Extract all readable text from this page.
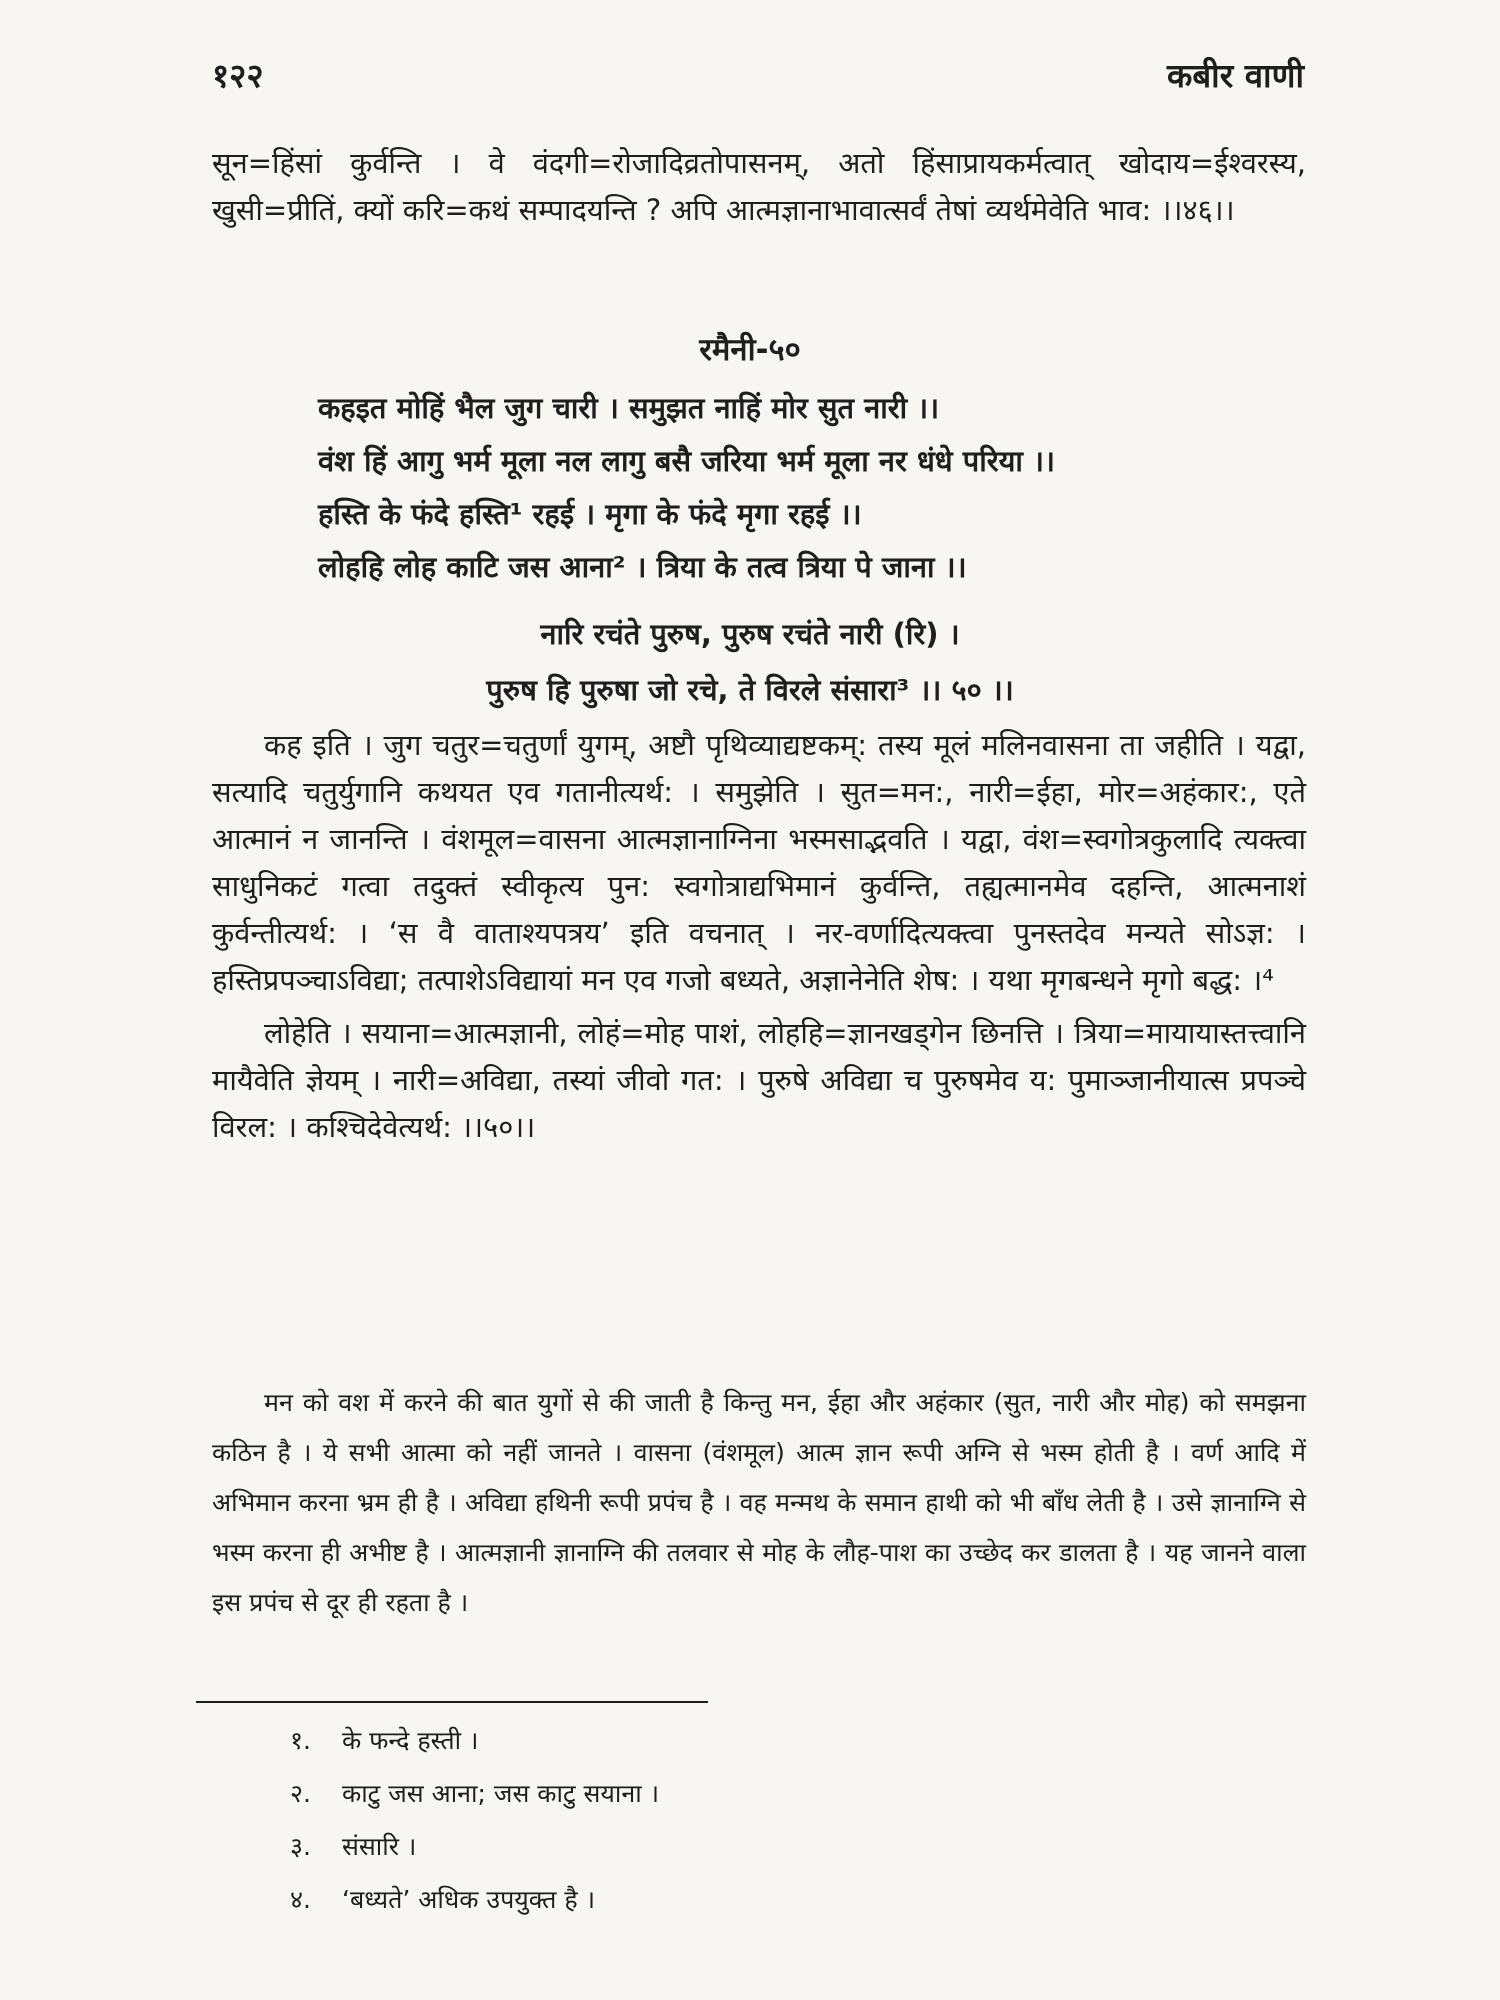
१२२	कबीर वाणी

सून=हिंसां कुर्वन्ति । वे वंदगी=रोजादिव्रतोपासनम्, अतो हिंसाप्रायकर्मत्वात् खोदाय=ईश्वरस्य, खुसी=प्रीतिं, क्यों करि=कथं सम्पादयन्ति ? अपि आत्मज्ञानाभावात्सर्वं तेषां व्यर्थमेवेति भाव: ।।४६।।

रमैनी-५०
कहइत मोहिं भैल जुग चारी । समुझत नाहिं मोर सुत नारी ।।
वंश हिं आगु भर्म मूला नल लागु बसै जरिया भर्म मूला नर धंधे परिया ।।
हस्ति के फंदे हस्ति¹ रहई । मृगा के फंदे मृगा रहई ।।
लोहहि लोह काटि जस आना² । त्रिया के तत्व त्रिया पे जाना ।।
नारि रचंते पुरुष, पुरुष रचंते नारी (रि) ।
पुरुष हि पुरुषा जो रचे, ते विरले संसारा³ ।। ५० ।।

कह इति । जुग चतुर=चतुर्णां युगम्, अष्टौ पृथिव्याद्यष्टकम्: तस्य मूलं मलिनवासना ता जहीति । यद्वा, सत्यादि चतुर्युगानि कथयत एव गतानीत्यर्थ: । समुझेति । सुत=मन:, नारी=ईहा, मोर=अहंकार:, एते आत्मानं न जानन्ति । वंशमूल=वासना आत्मज्ञानाग्निना भस्मसाद्भवति । यद्वा, वंश=स्वगोत्रकुलादि त्यक्त्वा साधुनिकटं गत्वा तदुक्तं स्वीकृत्य पुन: स्वगोत्राद्यभिमानं कुर्वन्ति, तह्यत्मानमेव दहन्ति, आत्मनाशं कुर्वन्तीत्यर्थ: । ‘स वै वाताश्यपत्रय’ इति वचनात् । नर-वर्णादित्यक्त्वा पुनस्तदेव मन्यते सोऽज्ञ: । हस्तिप्रपञ्चाऽविद्या; तत्पाशेऽविद्यायां मन एव गजो बध्यते, अज्ञानेनेति शेष: । यथा मृगबन्धने मृगो बद्ध: ।⁴

लोहेति । सयाना=आत्मज्ञानी, लोहं=मोह पाशं, लोहहि=ज्ञानखड्गेन छिनत्ति । त्रिया=मायायास्तत्त्वानि मायैवेति ज्ञेयम् । नारी=अविद्या, तस्यां जीवो गत: । पुरुषे अविद्या च पुरुषमेव य: पुमाञ्जानीयात्स प्रपञ्चे विरल: । कश्चिदेवेत्यर्थ: ।।५०।।

मन को वश में करने की बात युगों से की जाती है किन्तु मन, ईहा और अहंकार (सुत, नारी और मोह) को समझना कठिन है । ये सभी आत्मा को नहीं जानते । वासना (वंशमूल) आत्म ज्ञान रूपी अग्नि से भस्म होती है । वर्ण आदि में अभिमान करना भ्रम ही है । अविद्या हथिनी रूपी प्रपंच है । वह मन्मथ के समान हाथी को भी बाँध लेती है । उसे ज्ञानाग्नि से भस्म करना ही अभीष्ट है । आत्मज्ञानी ज्ञानाग्नि की तलवार से मोह के लौह-पाश का उच्छेद कर डालता है । यह जानने वाला इस प्रपंच से दूर ही रहता है ।

१. के फन्दे हस्ती ।

२. काटु जस आना; जस काटु सयाना ।

३. संसारि ।

४. ‘बध्यते’ अधिक उपयुक्त है ।
